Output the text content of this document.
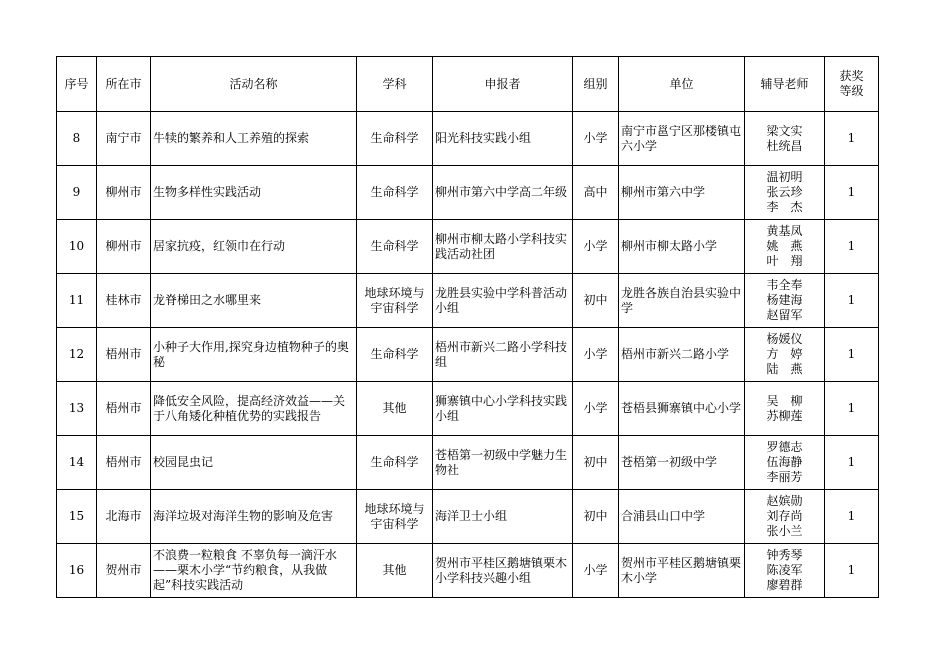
序号	所在市	活动名称	学科	申报者	组别	单位	辅导老师	获奖
等级
8	南宁市	牛犊的繁养和人工养殖的探索	生命科学	阳光科技实践小组	小学	南宁市邕宁区那楼镇屯六小学	梁文实
杜统昌	1
9	柳州市	生物多样性实践活动	生命科学	柳州市第六中学高二年级	高中	柳州市第六中学	温初明
张云珍
李　杰	1
10	柳州市	居家抗疫，红领巾在行动	生命科学	柳州市柳太路小学科技实践活动社团	小学	柳州市柳太路小学	黄基凤
姚　燕
叶　翔	1
11	桂林市	龙脊梯田之水哪里来	地球环境与宇宙科学	龙胜县实验中学科普活动小组	初中	龙胜各族自治县实验中学	韦全奉
杨建海
赵留军	1
12	梧州市	小种子大作用,探究身边植物种子的奥秘	生命科学	梧州市新兴二路小学科技组	小学	梧州市新兴二路小学	杨媛仪
方　婷
陆　燕	1
13	梧州市	降低安全风险，提高经济效益——关于八角矮化种植优势的实践报告	其他	狮寨镇中心小学科技实践小组	小学	苍梧县狮寨镇中心小学	吴　柳
苏柳莲	1
14	梧州市	校园昆虫记	生命科学	苍梧第一初级中学魅力生物社	初中	苍梧第一初级中学	罗德志
伍海静
李丽芳	1
15	北海市	海洋垃圾对海洋生物的影响及危害	地球环境与宇宙科学	海洋卫士小组	初中	合浦县山口中学	赵嫔勋
刘存尚
张小兰	1
16	贺州市	不浪费一粒粮食 不辜负每一滴汗水——栗木小学“节约粮食，从我做起”科技实践活动	其他	贺州市平桂区鹅塘镇栗木小学科技兴趣小组	小学	贺州市平桂区鹅塘镇栗木小学	钟秀琴
陈凌军
廖碧群	1
